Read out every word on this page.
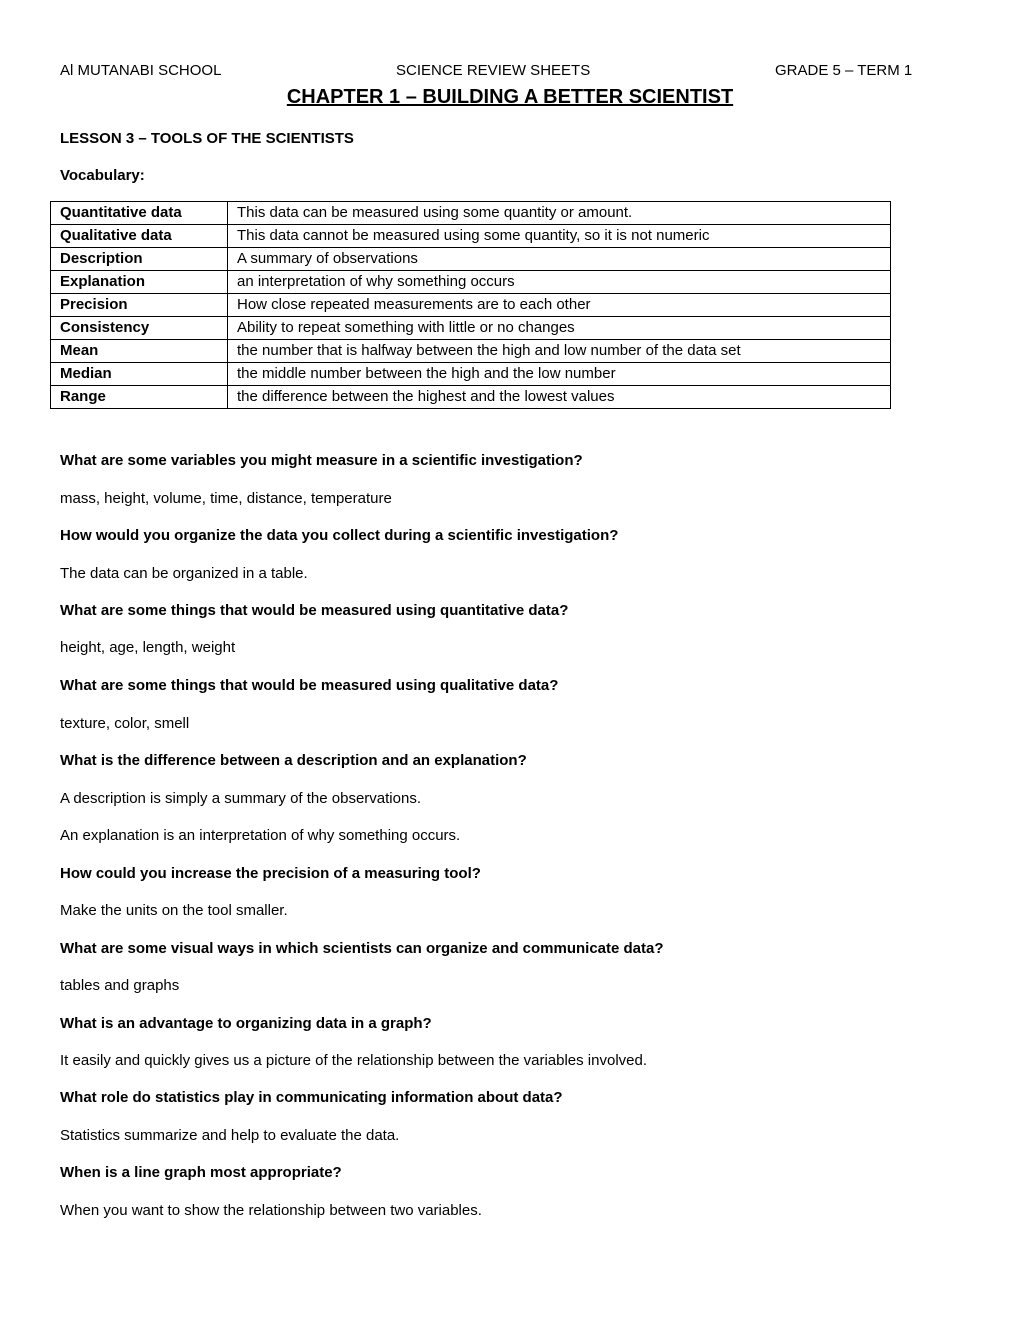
Al MUTANABI SCHOOL	SCIENCE REVIEW SHEETS	GRADE 5 – TERM 1
CHAPTER 1 – BUILDING A BETTER SCIENTIST
LESSON 3 – TOOLS OF THE SCIENTISTS
Vocabulary:
Quantitative data	This data can be measured using some quantity or amount.
Qualitative data	This data cannot be measured using some quantity, so it is not numeric
Description	A summary of observations
Explanation	an interpretation of why something occurs
Precision	How close repeated measurements are to each other
Consistency	Ability to repeat something with little or no changes
Mean	the number that is halfway between the high and low number of the data set
Median	the middle number between the high and the low number
Range	the difference between the highest and the lowest values
What are some variables you might measure in a scientific investigation?
mass, height, volume, time, distance, temperature
How would you organize the data you collect during a scientific investigation?
The data can be organized in a table.
What are some things that would be measured using quantitative data?
height, age, length, weight
What are some things that would be measured using qualitative data?
texture, color, smell
What is the difference between a description and an explanation?
A description is simply a summary of the observations.
An explanation is an interpretation of why something occurs.
How could you increase the precision of a measuring tool?
Make the units on the tool smaller.
What are some visual ways in which scientists can organize and communicate data?
tables and graphs
What is an advantage to organizing data in a graph?
It easily and quickly gives us a picture of the relationship between the variables involved.
What role do statistics play in communicating information about data?
Statistics summarize and help to evaluate the data.
When is a line graph most appropriate?
When you want to show the relationship between two variables.
